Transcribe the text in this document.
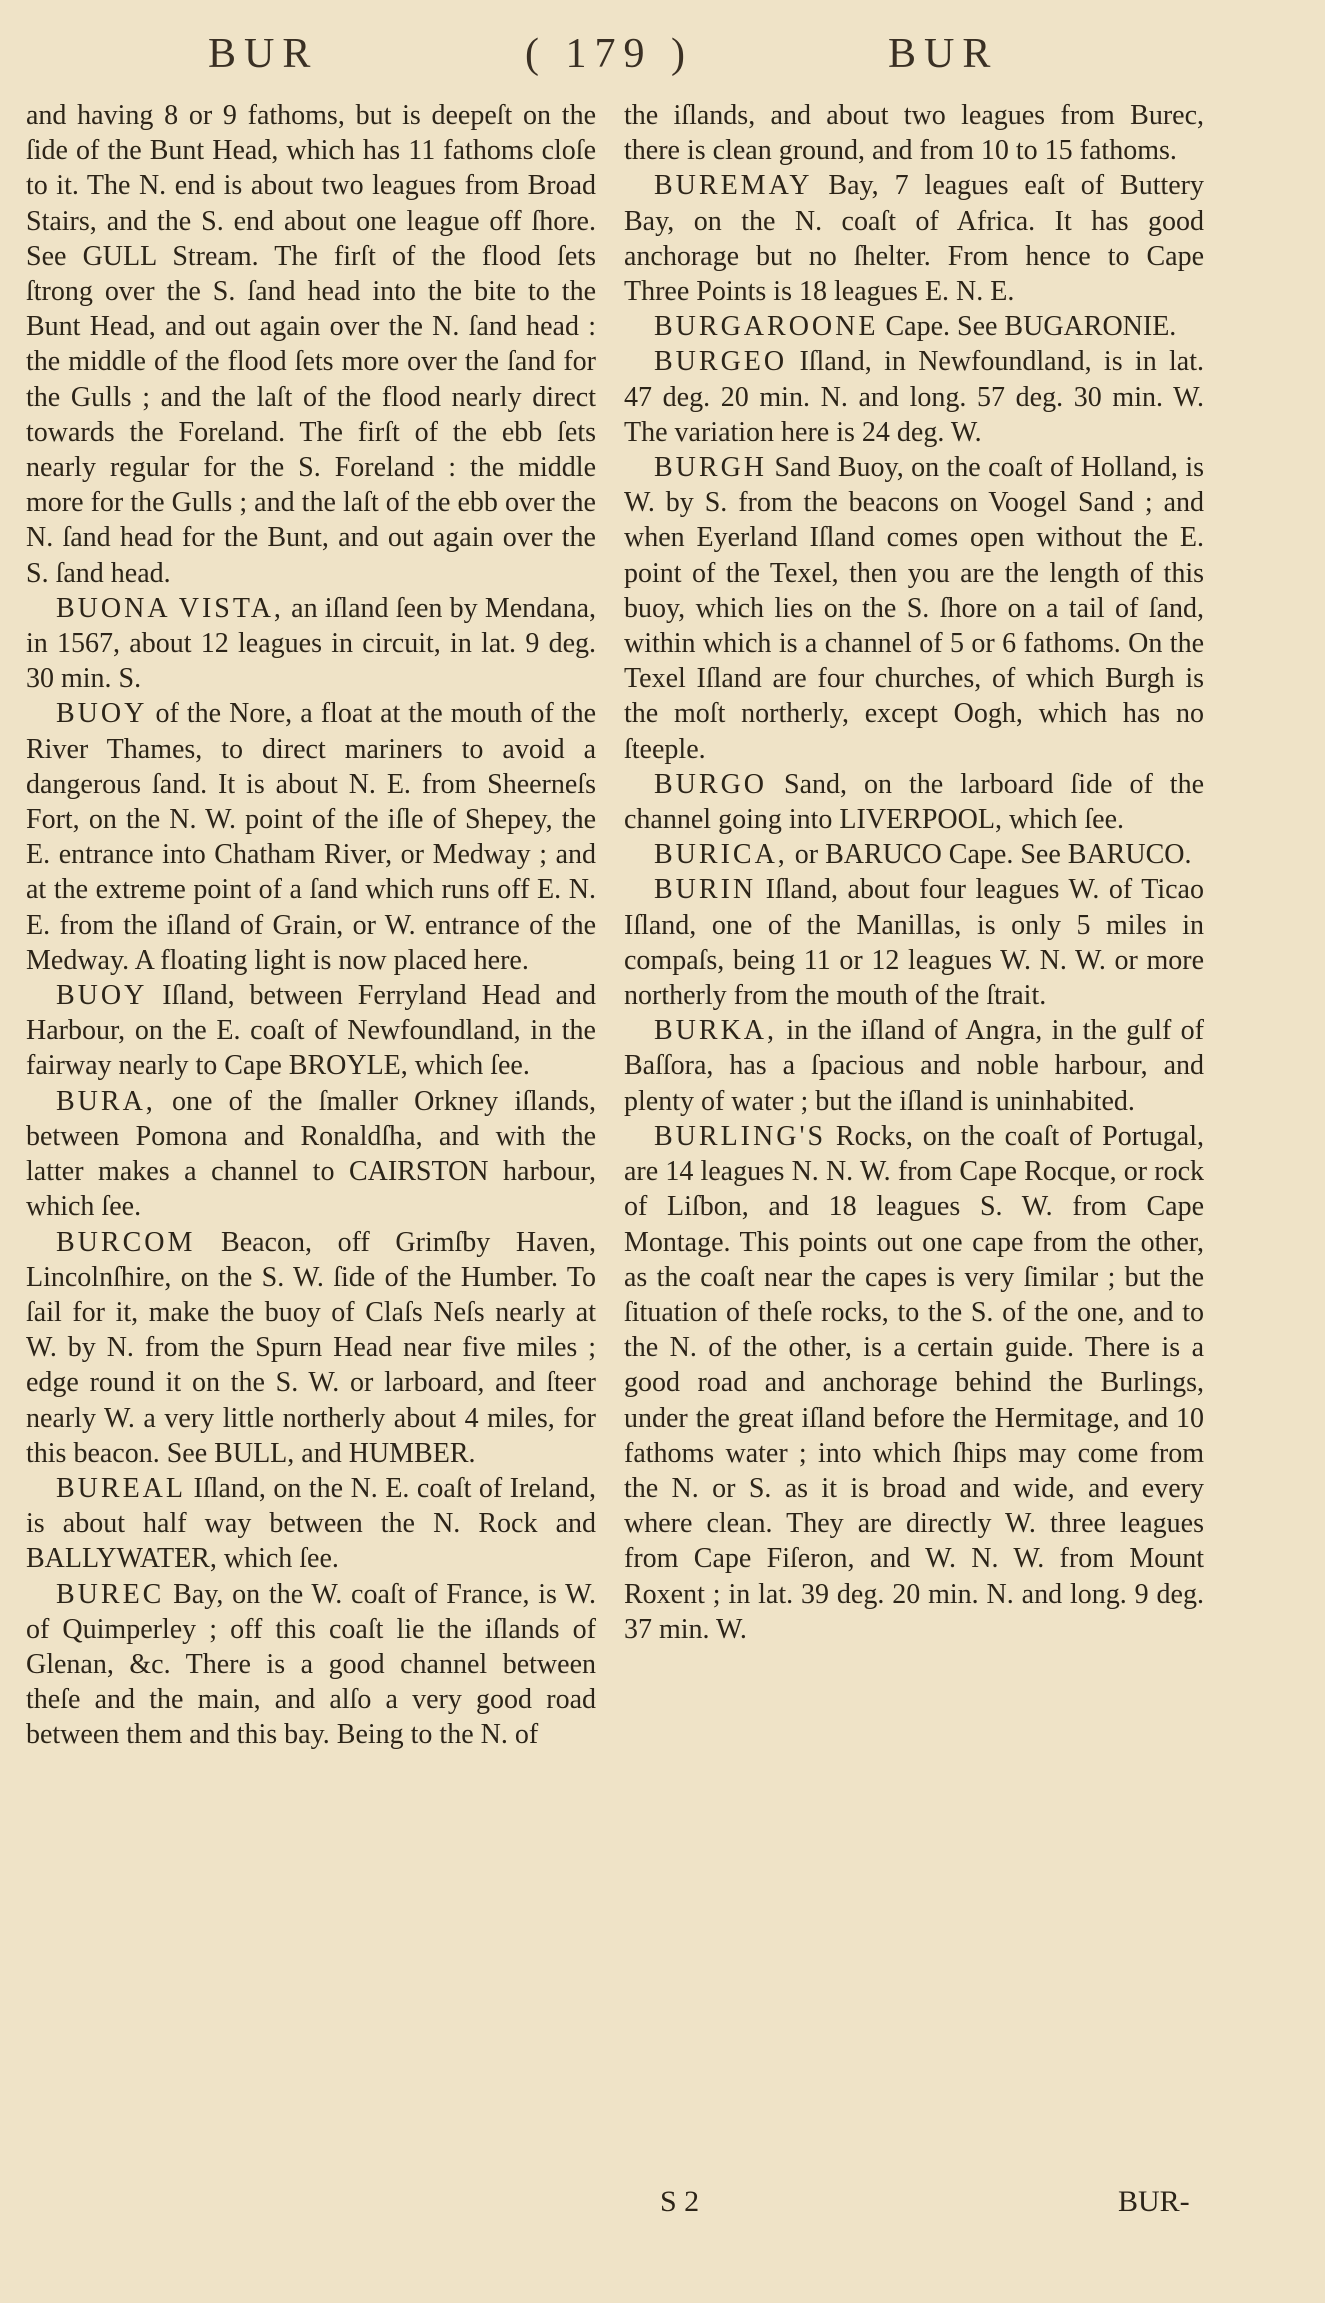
BUR	( 179 )	BUR

and having 8 or 9 fathoms, but is deepeſt on the ſide of the Bunt Head, which has 11 fathoms cloſe to it. The N. end is about two leagues from Broad Stairs, and the S. end about one league off ſhore. See GULL Stream. The firſt of the flood ſets ſtrong over the S. ſand head into the bite to the Bunt Head, and out again over the N. ſand head : the middle of the flood ſets more over the ſand for the Gulls ; and the laſt of the flood nearly direct towards the Foreland. The firſt of the ebb ſets nearly regular for the S. Foreland : the middle more for the Gulls ; and the laſt of the ebb over the N. ſand head for the Bunt, and out again over the S. ſand head.

BUONA VISTA, an iſland ſeen by Mendana, in 1567, about 12 leagues in circuit, in lat. 9 deg. 30 min. S.

BUOY of the Nore, a float at the mouth of the River Thames, to direct mariners to avoid a dangerous ſand. It is about N. E. from Sheerneſs Fort, on the N. W. point of the iſle of Shepey, the E. entrance into Chatham River, or Medway ; and at the extreme point of a ſand which runs off E. N. E. from the iſland of Grain, or W. entrance of the Medway. A floating light is now placed here.

BUOY Iſland, between Ferryland Head and Harbour, on the E. coaſt of Newfoundland, in the fairway nearly to Cape BROYLE, which ſee.

BURA, one of the ſmaller Orkney iſlands, between Pomona and Ronaldſha, and with the latter makes a channel to CAIRSTON harbour, which ſee.

BURCOM Beacon, off Grimſby Haven, Lincolnſhire, on the S. W. ſide of the Humber. To ſail for it, make the buoy of Claſs Neſs nearly at W. by N. from the Spurn Head near five miles ; edge round it on the S. W. or larboard, and ſteer nearly W. a very little northerly about 4 miles, for this beacon. See BULL, and HUMBER.

BUREAL Iſland, on the N. E. coaſt of Ireland, is about half way between the N. Rock and BALLYWATER, which ſee.

BUREC Bay, on the W. coaſt of France, is W. of Quimperley ; off this coaſt lie the iſlands of Glenan, &c. There is a good channel between theſe and the main, and alſo a very good road between them and this bay. Being to the N. of

the iſlands, and about two leagues from Burec, there is clean ground, and from 10 to 15 fathoms.

BUREMAY Bay, 7 leagues eaſt of Buttery Bay, on the N. coaſt of Africa. It has good anchorage but no ſhelter. From hence to Cape Three Points is 18 leagues E. N. E.

BURGAROONE Cape. See BUGARONIE.

BURGEO Iſland, in Newfoundland, is in lat. 47 deg. 20 min. N. and long. 57 deg. 30 min. W. The variation here is 24 deg. W.

BURGH Sand Buoy, on the coaſt of Holland, is W. by S. from the beacons on Voogel Sand ; and when Eyerland Iſland comes open without the E. point of the Texel, then you are the length of this buoy, which lies on the S. ſhore on a tail of ſand, within which is a channel of 5 or 6 fathoms. On the Texel Iſland are four churches, of which Burgh is the moſt northerly, except Oogh, which has no ſteeple.

BURGO Sand, on the larboard ſide of the channel going into LIVERPOOL, which ſee.

BURICA, or BARUCO Cape. See BARUCO.

BURIN Iſland, about four leagues W. of Ticao Iſland, one of the Manillas, is only 5 miles in compaſs, being 11 or 12 leagues W. N. W. or more northerly from the mouth of the ſtrait.

BURKA, in the iſland of Angra, in the gulf of Baſſora, has a ſpacious and noble harbour, and plenty of water ; but the iſland is uninhabited.

BURLING'S Rocks, on the coaſt of Portugal, are 14 leagues N. N. W. from Cape Rocque, or rock of Liſbon, and 18 leagues S. W. from Cape Montage. This points out one cape from the other, as the coaſt near the capes is very ſimilar ; but the ſituation of theſe rocks, to the S. of the one, and to the N. of the other, is a certain guide. There is a good road and anchorage behind the Burlings, under the great iſland before the Hermitage, and 10 fathoms water ; into which ſhips may come from the N. or S. as it is broad and wide, and every where clean. They are directly W. three leagues from Cape Fiſeron, and W. N. W. from Mount Roxent ; in lat. 39 deg. 20 min. N. and long. 9 deg. 37 min. W.

S 2	BUR-
